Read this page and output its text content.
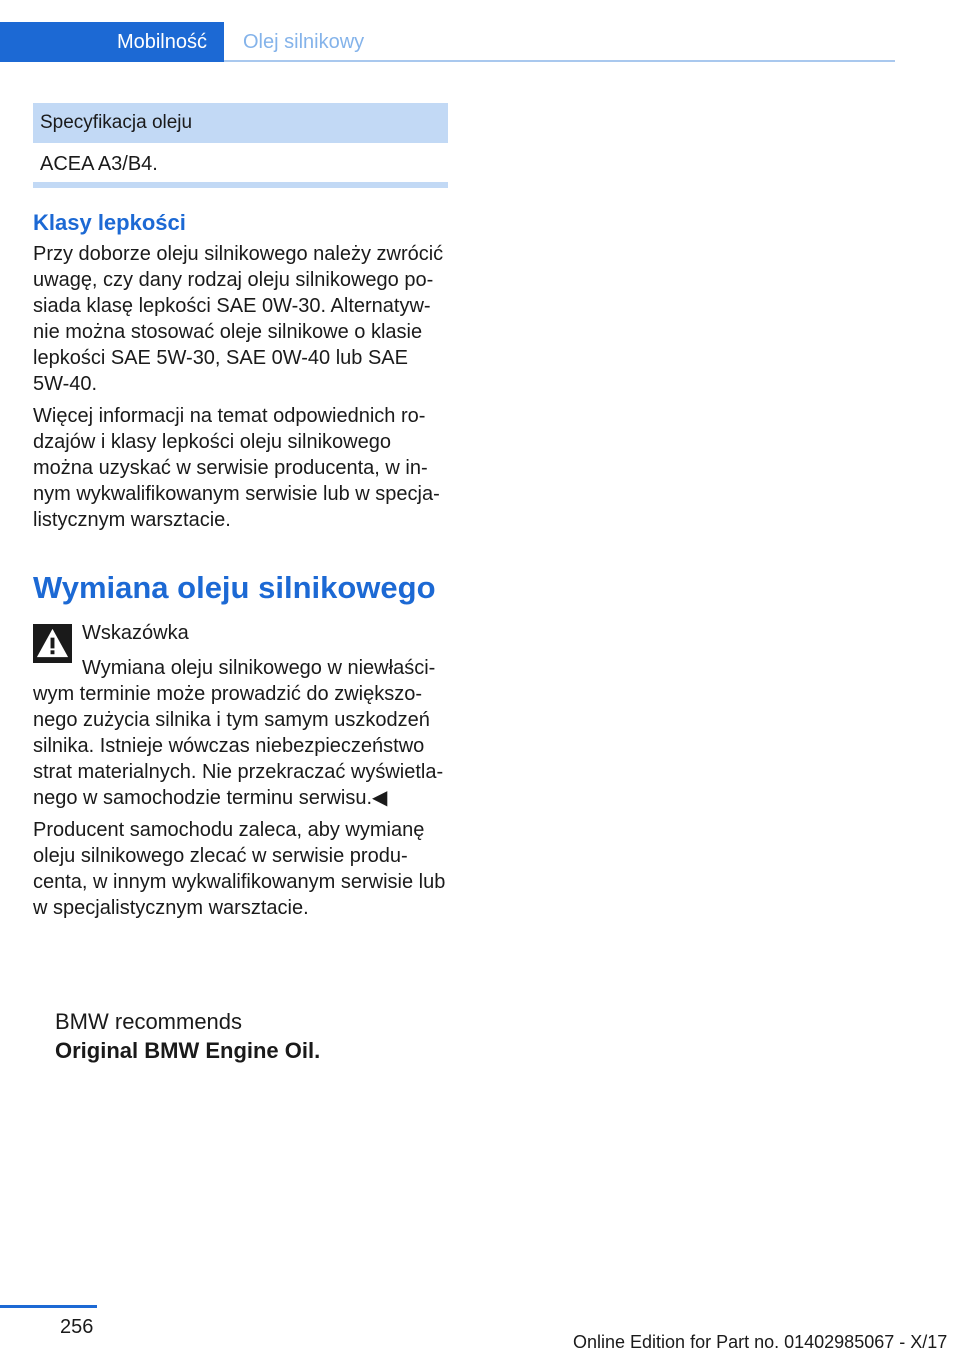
Mobilność	Olej silnikowy
Specyfikacja oleju
ACEA A3/B4.
Klasy lepkości

Przy doborze oleju silnikowego należy zwrócić

uwagę, czy dany rodzaj oleju silnikowego po‐

siada klasę lepkości SAE 0W-30. Alternatyw‐

nie można stosować oleje silnikowe o klasie

lepkości SAE 5W-30, SAE 0W-40 lub SAE

5W-40.

Więcej informacji na temat odpowiednich ro‐

dzajów i klasy lepkości oleju silnikowego

można uzyskać w serwisie producenta, w in‐

nym wykwalifikowanym serwisie lub w specja‐

listycznym warsztacie.

Wymiana oleju silnikowego
Wskazówka

Wymiana oleju silnikowego w niewłaści‐

wym terminie może prowadzić do zwiększo‐

nego zużycia silnika i tym samym uszkodzeń

silnika. Istnieje wówczas niebezpieczeństwo

strat materialnych. Nie przekraczać wyświetla‐

nego w samochodzie terminu serwisu.◀

Producent samochodu zaleca, aby wymianę

oleju silnikowego zlecać w serwisie produ‐

centa, w innym wykwalifikowanym serwisie lub

w specjalistycznym warsztacie.

BMW recommends
Original BMW Engine Oil.
256
Online Edition for Part no. 01402985067 - X/17
